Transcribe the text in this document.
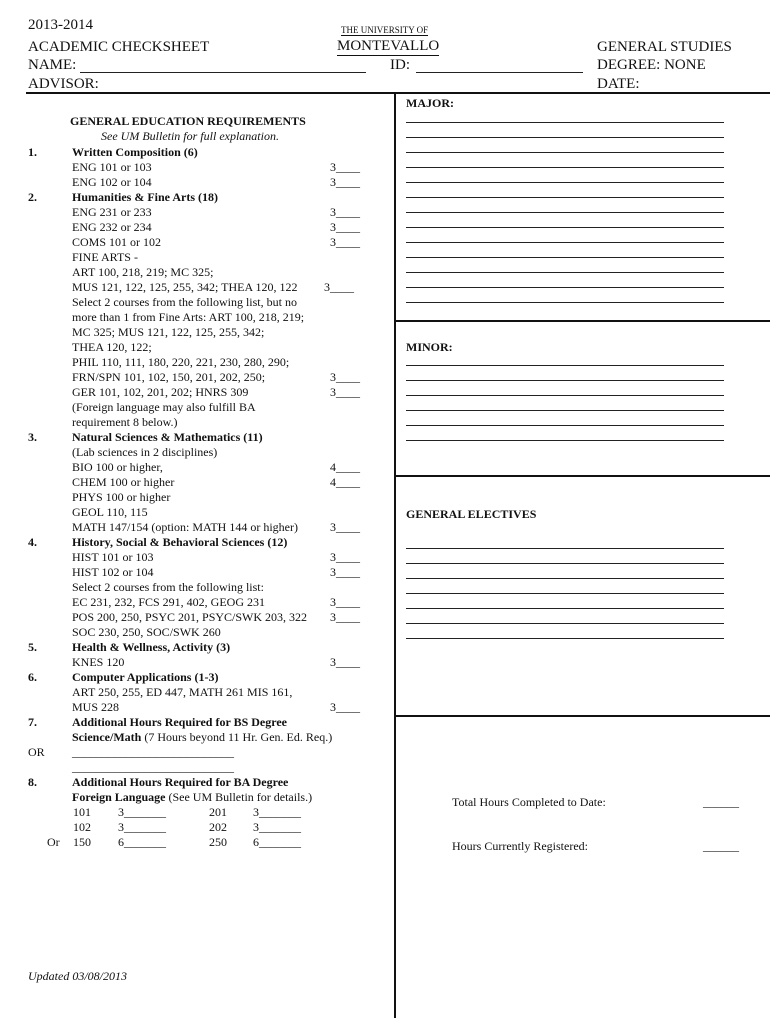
2013-2014
ACADEMIC CHECKSHEET
NAME:
ADVISOR:
THE UNIVERSITY OF
MONTEVALLO
ID:
GENERAL STUDIES
DEGREE: NONE
DATE:
GENERAL EDUCATION REQUIREMENTS
See UM Bulletin for full explanation.
1.	Written Composition (6)
ENG 101 or 103	3____
ENG 102 or 104	3____
2.	Humanities & Fine Arts (18)
ENG 231 or 233	3____
ENG 232 or 234	3____
COMS 101 or 102	3____
FINE ARTS -
ART 100, 218, 219; MC 325;
MUS 121, 122, 125, 255, 342; THEA 120, 122 3____
Select 2 courses from the following list, but no
more than 1 from Fine Arts: ART 100, 218, 219;
MC 325; MUS 121, 122, 125, 255, 342;
THEA 120, 122;
PHIL 110, 111, 180, 220, 221, 230, 280, 290;
FRN/SPN 101, 102, 150, 201, 202, 250;	3____
GER 101, 102, 201, 202; HNRS 309	3____
(Foreign language may also fulfill BA
requirement 8 below.)
3.	Natural Sciences & Mathematics (11)
(Lab sciences in 2 disciplines)
BIO 100 or higher,	4____
CHEM 100 or higher	4____
PHYS 100 or higher
GEOL 110, 115
MATH 147/154 (option: MATH 144 or higher)	3____
4.	History, Social & Behavioral Sciences (12)
HIST 101 or 103	3____
HIST 102 or 104	3____
Select 2 courses from the following list:
EC 231, 232, FCS 291, 402, GEOG 231	3____
POS 200, 250, PSYC 201, PSYC/SWK 203, 322 3____
SOC 230, 250, SOC/SWK 260
5.	Health & Wellness, Activity (3)
KNES 120	3____
6.	Computer Applications (1-3)
ART 250, 255, ED 447, MATH 261 MIS 161,
MUS 228	3____
7.	Additional Hours Required for BS Degree
Science/Math (7 Hours beyond 11 Hr. Gen. Ed. Req.)
OR ___________________________
___________________________
8.	Additional Hours Required for BA Degree
Foreign Language (See UM Bulletin for details.)
101 3_______	201 3_______
102 3_______	202 3_______
Or 150 6_______	250 6_______
Updated 03/08/2013
MAJOR:
MINOR:
GENERAL ELECTIVES
Total Hours Completed to Date:	______
Hours Currently Registered:	______
